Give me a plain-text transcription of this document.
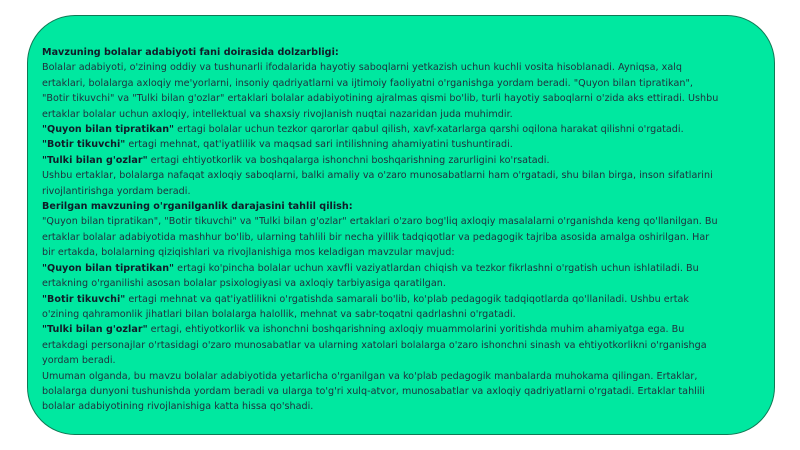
Mavzuning bolalar adabiyoti fani doirasida dolzarbligi:
Bolalar adabiyoti, o'zining oddiy va tushunarli ifodalarida hayotiy saboqlarni yetkazish uchun kuchli vosita hisoblanadi. Ayniqsa, xalq
ertaklari, bolalarga axloqiy me'yorlarni, insoniy qadriyatlarni va ijtimoiy faoliyatni o'rganishga yordam beradi. "Quyon bilan tipratikan",
"Botir tikuvchi" va "Tulki bilan g'ozlar" ertaklari bolalar adabiyotining ajralmas qismi bo'lib, turli hayotiy saboqlarni o'zida aks ettiradi. Ushbu
ertaklar bolalar uchun axloqiy, intellektual va shaxsiy rivojlanish nuqtai nazaridan juda muhimdir.
"Quyon bilan tipratikan" ertagi bolalar uchun tezkor qarorlar qabul qilish, xavf-xatarlarga qarshi oqilona harakat qilishni o'rgatadi.
"Botir tikuvchi" ertagi mehnat, qat'iyatlilik va maqsad sari intilishning ahamiyatini tushuntiradi.
"Tulki bilan g'ozlar" ertagi ehtiyotkorlik va boshqalarga ishonchni boshqarishning zarurligini ko'rsatadi.
Ushbu ertaklar, bolalarga nafaqat axloqiy saboqlarni, balki amaliy va o'zaro munosabatlarni ham o'rgatadi, shu bilan birga, inson sifatlarini
rivojlantirishga yordam beradi.
Berilgan mavzuning o'rganilganlik darajasini tahlil qilish:
"Quyon bilan tipratikan", "Botir tikuvchi" va "Tulki bilan g'ozlar" ertaklari o'zaro bog'liq axloqiy masalalarni o'rganishda keng qo'llanilgan. Bu
ertaklar bolalar adabiyotida mashhur bo'lib, ularning tahlili bir necha yillik tadqiqotlar va pedagogik tajriba asosida amalga oshirilgan. Har
bir ertakda, bolalarning qiziqishlari va rivojlanishiga mos keladigan mavzular mavjud:
"Quyon bilan tipratikan" ertagi ko'pincha bolalar uchun xavfli vaziyatlardan chiqish va tezkor fikrlashni o'rgatish uchun ishlatiladi. Bu
ertakning o'rganilishi asosan bolalar psixologiyasi va axloqiy tarbiyasiga qaratilgan.
"Botir tikuvchi" ertagi mehnat va qat'iyatlilikni o'rgatishda samarali bo'lib, ko'plab pedagogik tadqiqotlarda qo'llaniladi. Ushbu ertak
o'zining qahramonlik jihatlari bilan bolalarga halollik, mehnat va sabr-toqatni qadrlashni o'rgatadi.
"Tulki bilan g'ozlar" ertagi, ehtiyotkorlik va ishonchni boshqarishning axloqiy muammolarini yoritishda muhim ahamiyatga ega. Bu
ertakdagi personajlar o'rtasidagi o'zaro munosabatlar va ularning xatolari bolalarga o'zaro ishonchni sinash va ehtiyotkorlikni o'rganishga
yordam beradi.
Umuman olganda, bu mavzu bolalar adabiyotida yetarlicha o'rganilgan va ko'plab pedagogik manbalarda muhokama qilingan. Ertaklar,
bolalarga dunyoni tushunishda yordam beradi va ularga to'g'ri xulq-atvor, munosabatlar va axloqiy qadriyatlarni o'rgatadi. Ertaklar tahlili
bolalar adabiyotining rivojlanishiga katta hissa qo'shadi.
